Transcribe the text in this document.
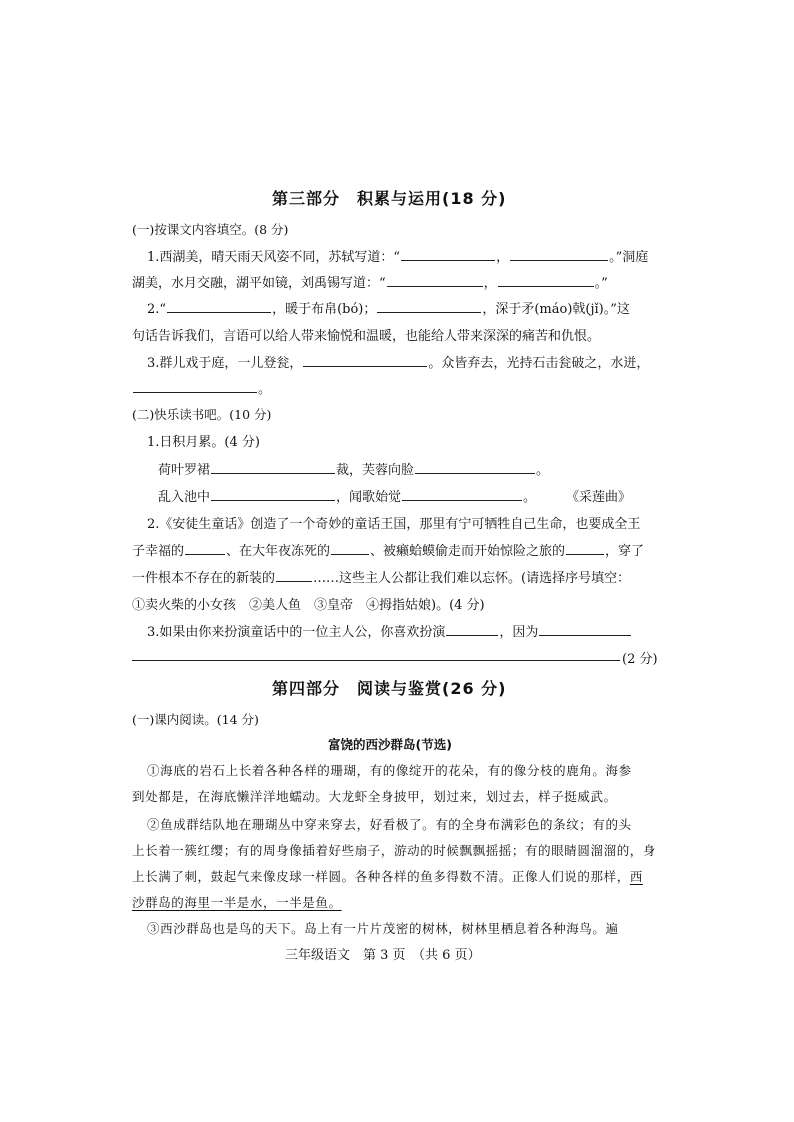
第三部分　积累与运用(18 分)
(一)按课文内容填空。(8 分)
1.西湖美，晴天雨天风姿不同，苏轼写道：“	，	。”洞庭
湖美，水月交融，湖平如镜，刘禹锡写道：“	，	。”
2.“	，暖于布帛(bó)；	，深于矛(máo)戟(jǐ)。”这
句话告诉我们，言语可以给人带来愉悦和温暖，也能给人带来深深的痛苦和仇恨。
3.群儿戏于庭，一儿登瓮，	。众皆弃去，光持石击瓮破之，水迸，
。
(二)快乐读书吧。(10 分)
1.日积月累。(4 分)
荷叶罗裙	裁，芙蓉向脸	。
乱入池中	，闻歌始觉	。 《采莲曲》
2.《安徒生童话》创造了一个奇妙的童话王国，那里有宁可牺牲自己生命，也要成全王
子幸福的	、在大年夜冻死的	、被癞蛤蟆偷走而开始惊险之旅的	，穿了
一件根本不存在的新装的	……这些主人公都让我们难以忘怀。(请选择序号填空：
①卖火柴的小女孩　②美人鱼　③皇帝　④拇指姑娘)。(4 分)
3.如果由你来扮演童话中的一位主人公，你喜欢扮演	，因为
(2 分)
第四部分　阅读与鉴赏(26 分)
(一)课内阅读。(14 分)
富饶的西沙群岛(节选)
①海底的岩石上长着各种各样的珊瑚，有的像绽开的花朵，有的像分枝的鹿角。海参
到处都是，在海底懒洋洋地蠕动。大龙虾全身披甲，划过来，划过去，样子挺威武。
②鱼成群结队地在珊瑚丛中穿来穿去，好看极了。有的全身布满彩色的条纹；有的头
上长着一簇红缨；有的周身像插着好些扇子，游动的时候飘飘摇摇；有的眼睛圆溜溜的，身
上长满了刺，鼓起气来像皮球一样圆。各种各样的鱼多得数不清。正像人们说的那样，西
沙群岛的海里一半是水，一半是鱼。
③西沙群岛也是鸟的天下。岛上有一片片茂密的树林，树林里栖息着各种海鸟。遍
三年级语文　第 3 页　（共 6 页）
